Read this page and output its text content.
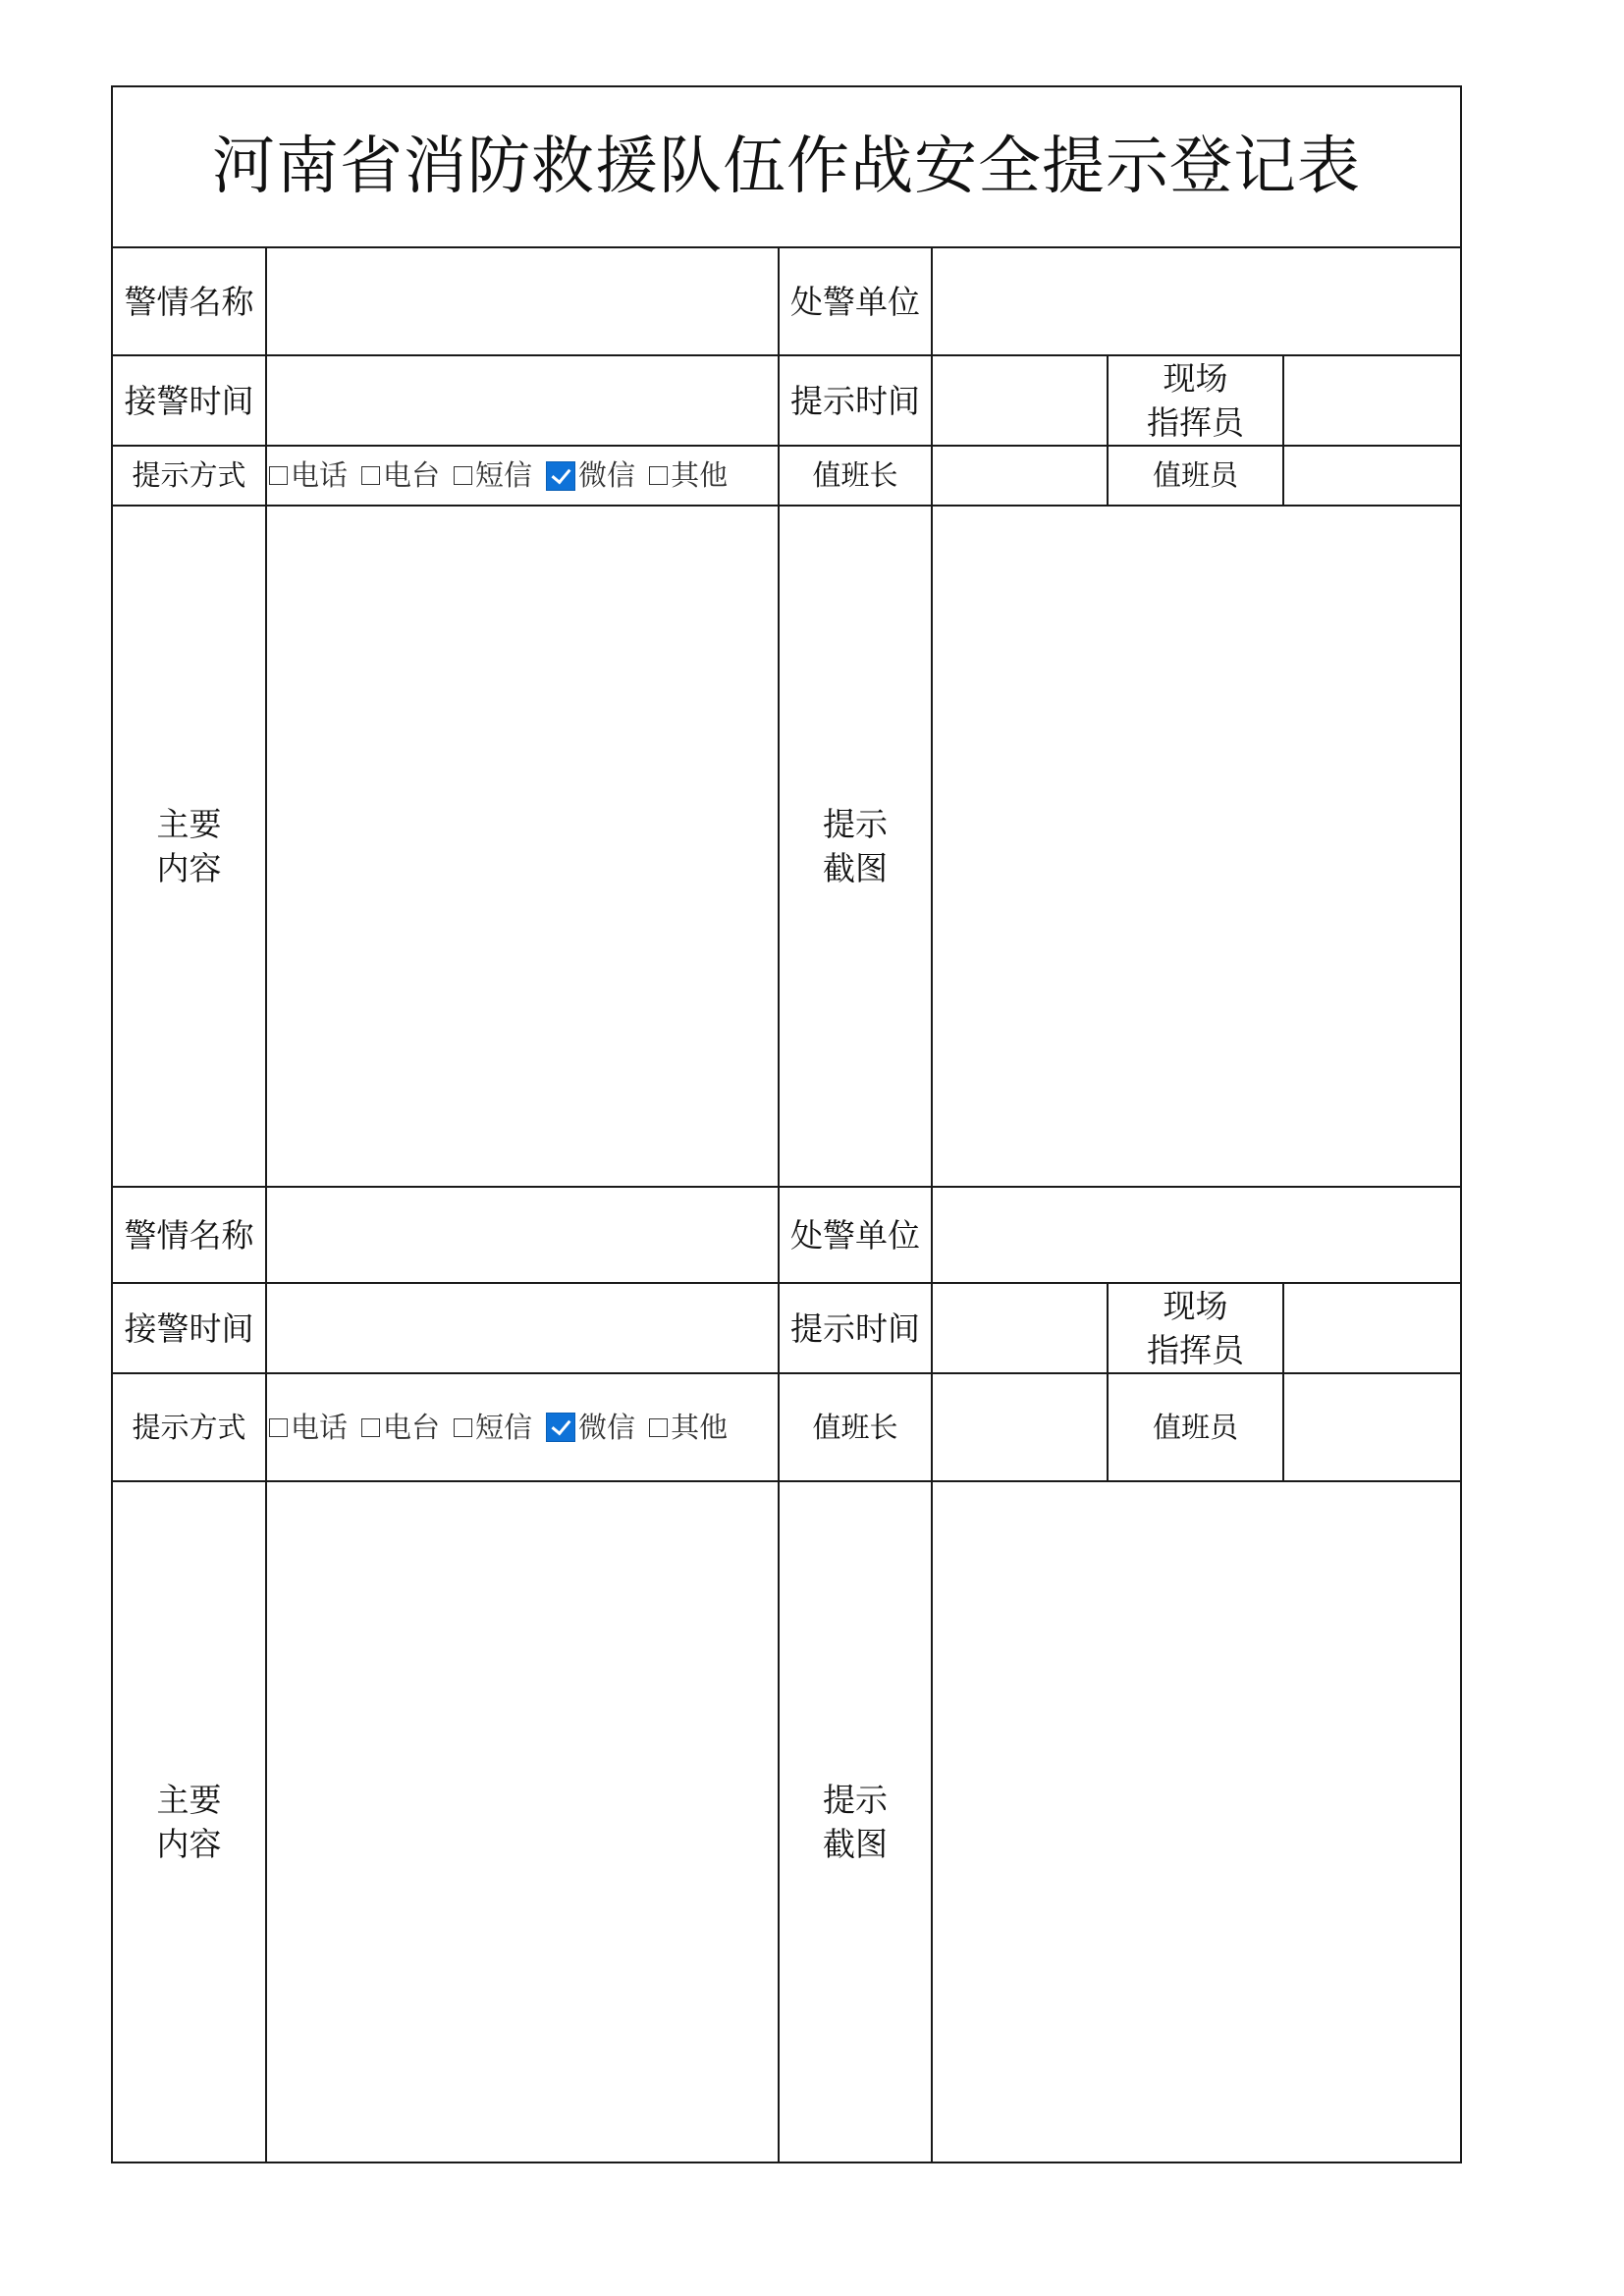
河南省消防救援队伍作战安全提示登记表					
警情名称		处警单位			
接警时间		提示时间		现场
指挥员	

提示方式	电话 电台 短信 微信 其他	值班长		值班员	

主要
内容		提示
截图			

警情名称		处警单位			
接警时间		提示时间		现场
指挥员	

提示方式	电话 电台 短信 微信 其他	值班长		值班员	

主要
内容		提示
截图			
